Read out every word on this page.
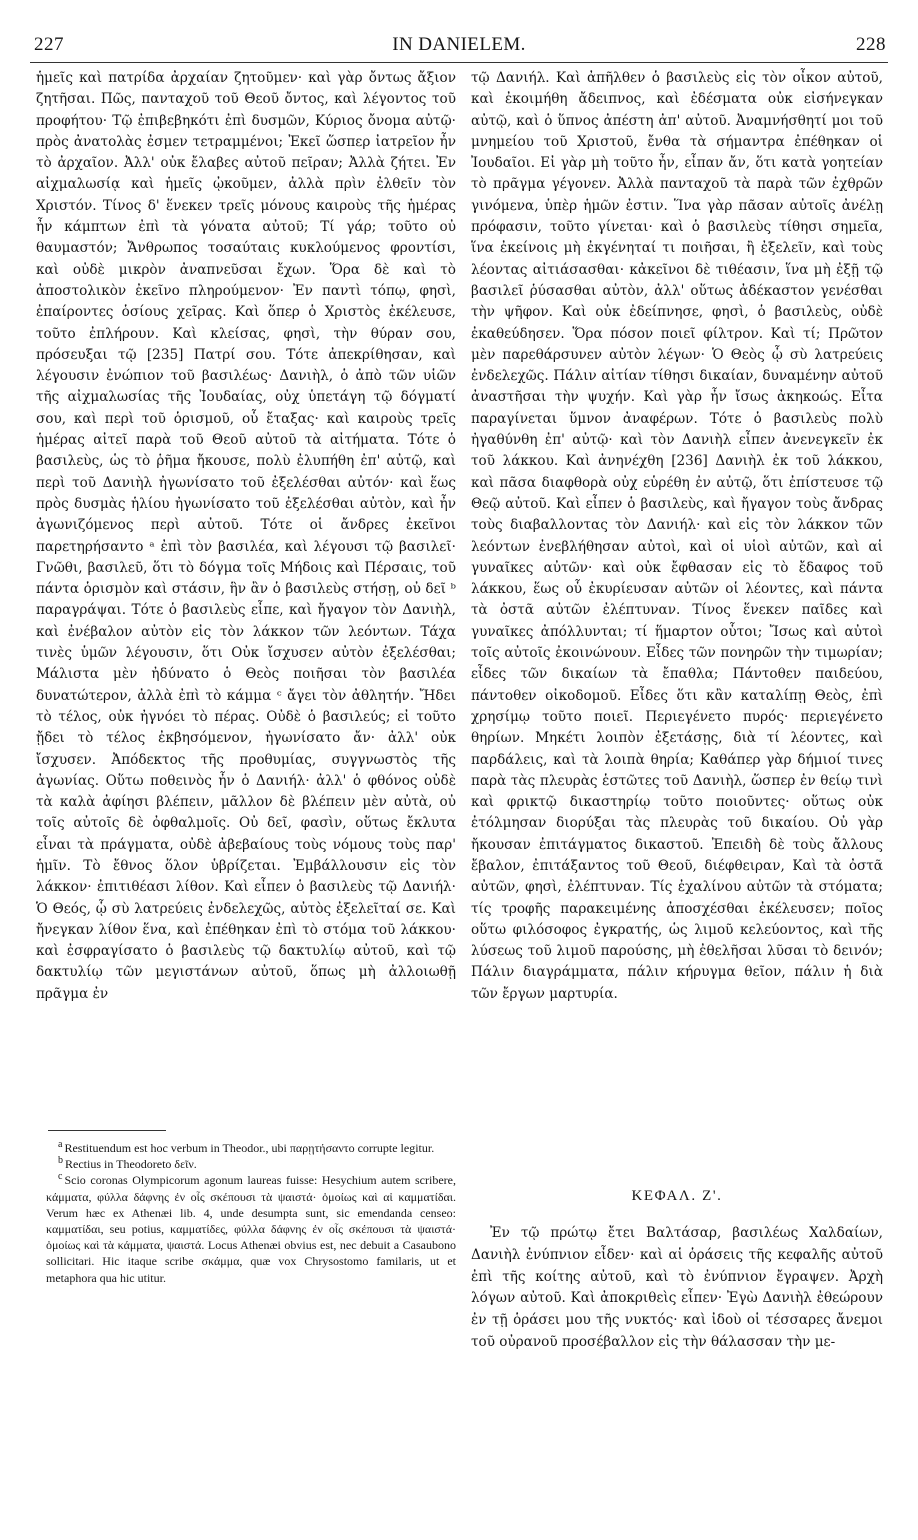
227	IN DANIELEM.	228

ἡμεῖς καὶ πατρίδα ἀρχαίαν ζητοῦμεν· καὶ γὰρ ὄντως ἄξιον ζητῆσαι. Πῶς, πανταχοῦ τοῦ Θεοῦ ὄντος, καὶ λέγοντος τοῦ προφήτου· Τῷ ἐπιβεβηκότι ἐπὶ δυσμῶν, Κύριος ὄνομα αὐτῷ· πρὸς ἀνατολὰς ἐσμεν τετραμμένοι; Ἐκεῖ ὥσπερ ἰατρεῖον ἦν τὸ ἀρχαῖον. Ἀλλ' οὐκ ἔλαβες αὐτοῦ πεῖραν; Ἀλλὰ ζήτει. Ἐν αἰχμαλωσίᾳ καὶ ἡμεῖς ᾠκοῦμεν, ἀλλὰ πρὶν ἐλθεῖν τὸν Χριστόν. Τίνος δ' ἕνεκεν τρεῖς μόνους καιροὺς τῆς ἡμέρας ἦν κάμπτων ἐπὶ τὰ γόνατα αὐτοῦ; Τί γάρ; τοῦτο οὐ θαυμαστόν; Ἄνθρωπος τοσαύταις κυκλούμενος φροντίσι, καὶ οὐδὲ μικρὸν ἀναπνεῦσαι ἔχων. Ὅρα δὲ καὶ τὸ ἀποστολικὸν ἐκεῖνο πληρούμενον· Ἐν παντὶ τόπῳ, φησὶ, ἐπαίροντες ὁσίους χεῖρας. Καὶ ὅπερ ὁ Χριστὸς ἐκέλευσε, τοῦτο ἐπλήρουν. Καὶ κλείσας, φησὶ, τὴν θύραν σου, πρόσευξαι τῷ [235] Πατρί σου. Τότε ἀπεκρίθησαν, καὶ λέγουσιν ἐνώπιον τοῦ βασιλέως· Δανιὴλ, ὁ ἀπὸ τῶν υἱῶν τῆς αἰχμαλωσίας τῆς Ἰουδαίας, οὐχ ὑπετάγη τῷ δόγματί σου, καὶ περὶ τοῦ ὁρισμοῦ, οὗ ἔταξας· καὶ καιροὺς τρεῖς ἡμέρας αἰτεῖ παρὰ τοῦ Θεοῦ αὐτοῦ τὰ αἰτήματα. Τότε ὁ βασιλεὺς, ὡς τὸ ῥῆμα ἤκουσε, πολὺ ἐλυπήθη ἐπ' αὐτῷ, καὶ περὶ τοῦ Δανιὴλ ἠγωνίσατο τοῦ ἐξελέσθαι αὐτόν· καὶ ἕως πρὸς δυσμὰς ἡλίου ἠγωνίσατο τοῦ ἐξελέσθαι αὐτὸν, καὶ ἦν ἀγωνιζόμενος περὶ αὐτοῦ. Τότε οἱ ἄνδρες ἐκεῖνοι παρετηρήσαντο ᵃ ἐπὶ τὸν βασιλέα, καὶ λέγουσι τῷ βασιλεῖ· Γνῶθι, βασιλεῦ, ὅτι τὸ δόγμα τοῖς Μήδοις καὶ Πέρσαις, τοῦ πάντα ὁρισμὸν καὶ στάσιν, ἣν ἂν ὁ βασιλεὺς στήσῃ, οὐ δεῖ ᵇ παραγράψαι. Τότε ὁ βασιλεὺς εἶπε, καὶ ἤγαγον τὸν Δανιὴλ, καὶ ἐνέβαλον αὐτὸν εἰς τὸν λάκκον τῶν λεόντων. Τάχα τινὲς ὑμῶν λέγουσιν, ὅτι Οὐκ ἴσχυσεν αὐτὸν ἐξελέσθαι; Μάλιστα μὲν ἠδύνατο ὁ Θεὸς ποιῆσαι τὸν βασιλέα δυνατώτερον, ἀλλὰ ἐπὶ τὸ κάμμα ᶜ ἄγει τὸν ἀθλητήν. Ἤδει τὸ τέλος, οὐκ ἠγνόει τὸ πέρας. Οὐδὲ ὁ βασιλεύς; εἰ τοῦτο ᾔδει τὸ τέλος ἐκβησόμενον, ἠγωνίσατο ἄν· ἀλλ' οὐκ ἴσχυσεν. Ἀπόδεκτος τῆς προθυμίας, συγγνωστὸς τῆς ἀγωνίας. Οὕτω ποθεινὸς ἦν ὁ Δανιήλ· ἀλλ' ὁ φθόνος οὐδὲ τὰ καλὰ ἀφίησι βλέπειν, μᾶλλον δὲ βλέπειν μὲν αὐτὰ, οὐ τοῖς αὐτοῖς δὲ ὀφθαλμοῖς. Οὐ δεῖ, φασὶν, οὕτως ἔκλυτα εἶναι τὰ πράγματα, οὐδὲ ἀβεβαίους τοὺς νόμους τοὺς παρ' ἡμῖν. Τὸ ἔθνος ὅλον ὑβρίζεται. Ἐμβάλλουσιν εἰς τὸν λάκκον· ἐπιτιθέασι λίθον. Καὶ εἶπεν ὁ βασιλεὺς τῷ Δανιήλ· Ὁ Θεός, ᾧ σὺ λατρεύεις ἐνδελεχῶς, αὐτὸς ἐξελεῖταί σε. Καὶ ἤνεγκαν λίθον ἕνα, καὶ ἐπέθηκαν ἐπὶ τὸ στόμα τοῦ λάκκου· καὶ ἐσφραγίσατο ὁ βασιλεὺς τῷ δακτυλίῳ αὐτοῦ, καὶ τῷ δακτυλίῳ τῶν μεγιστάνων αὐτοῦ, ὅπως μὴ ἀλλοιωθῇ πρᾶγμα ἐν

τῷ Δανιήλ. Καὶ ἀπῆλθεν ὁ βασιλεὺς εἰς τὸν οἶκον αὐτοῦ, καὶ ἐκοιμήθη ἄδειπνος, καὶ ἐδέσματα οὐκ εἰσήνεγκαν αὐτῷ, καὶ ὁ ὕπνος ἀπέστη ἀπ' αὐτοῦ. Ἀναμνήσθητί μοι τοῦ μνημείου τοῦ Χριστοῦ, ἔνθα τὰ σήμαντρα ἐπέθηκαν οἱ Ἰουδαῖοι. Εἰ γὰρ μὴ τοῦτο ἦν, εἶπαν ἄν, ὅτι κατὰ γοητείαν τὸ πρᾶγμα γέγονεν. Ἀλλὰ πανταχοῦ τὰ παρὰ τῶν ἐχθρῶν γινόμενα, ὑπὲρ ἡμῶν ἐστιν. Ἵνα γὰρ πᾶσαν αὐτοῖς ἀνέλῃ πρόφασιν, τοῦτο γίνεται· καὶ ὁ βασιλεὺς τίθησι σημεῖα, ἵνα ἐκείνοις μὴ ἐκγένηταί τι ποιῆσαι, ἢ ἐξελεῖν, καὶ τοὺς λέοντας αἰτιάσασθαι· κἀκεῖνοι δὲ τιθέασιν, ἵνα μὴ ἐξῇ τῷ βασιλεῖ ῥύσασθαι αὐτὸν, ἀλλ' οὕτως ἀδέκαστον γενέσθαι τὴν ψῆφον. Καὶ οὐκ ἐδείπνησε, φησὶ, ὁ βασιλεὺς, οὐδὲ ἐκαθεύδησεν. Ὅρα πόσον ποιεῖ φίλτρον. Καὶ τί; Πρῶτον μὲν παρεθάρσυνεν αὐτὸν λέγων· Ὁ Θεὸς ᾧ σὺ λατρεύεις ἐνδελεχῶς. Πάλιν αἰτίαν τίθησι δικαίαν, δυναμένην αὐτοῦ ἀναστῆσαι τὴν ψυχήν. Καὶ γὰρ ἦν ἴσως ἀκηκοώς. Εἶτα παραγίνεται ὕμνον ἀναφέρων. Τότε ὁ βασιλεὺς πολὺ ἠγαθύνθη ἐπ' αὐτῷ· καὶ τὸν Δανιὴλ εἶπεν ἀνενεγκεῖν ἐκ τοῦ λάκκου. Καὶ ἀνηνέχθη [236] Δανιὴλ ἐκ τοῦ λάκκου, καὶ πᾶσα διαφθορὰ οὐχ εὑρέθη ἐν αὐτῷ, ὅτι ἐπίστευσε τῷ Θεῷ αὐτοῦ. Καὶ εἶπεν ὁ βασιλεὺς, καὶ ἤγαγον τοὺς ἄνδρας τοὺς διαβαλλοντας τὸν Δανιήλ· καὶ εἰς τὸν λάκκον τῶν λεόντων ἐνεβλήθησαν αὐτοὶ, καὶ οἱ υἱοὶ αὐτῶν, καὶ αἱ γυναῖκες αὐτῶν· καὶ οὐκ ἔφθασαν εἰς τὸ ἔδαφος τοῦ λάκκου, ἕως οὗ ἐκυρίευσαν αὐτῶν οἱ λέοντες, καὶ πάντα τὰ ὀστᾶ αὐτῶν ἐλέπτυναν. Τίνος ἕνεκεν παῖδες καὶ γυναῖκες ἀπόλλυνται; τί ἥμαρτον οὗτοι; Ἴσως καὶ αὐτοὶ τοῖς αὐτοῖς ἐκοινώνουν. Εἶδες τῶν πονηρῶν τὴν τιμωρίαν; εἶδες τῶν δικαίων τὰ ἔπαθλα; Πάντοθεν παιδεύου, πάντοθεν οἰκοδομοῦ. Εἶδες ὅτι κἂν καταλίπῃ Θεὸς, ἐπὶ χρησίμῳ τοῦτο ποιεῖ. Περιεγένετο πυρός· περιεγένετο θηρίων. Μηκέτι λοιπὸν ἐξετάσῃς, διὰ τί λέοντες, καὶ παρδάλεις, καὶ τὰ λοιπὰ θηρία; Καθάπερ γὰρ δήμιοί τινες παρὰ τὰς πλευρὰς ἑστῶτες τοῦ Δανιὴλ, ὥσπερ ἐν θείῳ τινὶ καὶ φρικτῷ δικαστηρίῳ τοῦτο ποιοῦντες· οὕτως οὐκ ἐτόλμησαν διορύξαι τὰς πλευρὰς τοῦ δικαίου. Οὐ γὰρ ἤκουσαν ἐπιτάγματος δικαστοῦ. Ἐπειδὴ δὲ τοὺς ἄλλους ἔβαλον, ἐπιτάξαντος τοῦ Θεοῦ, διέφθειραν, Καὶ τὰ ὀστᾶ αὐτῶν, φησὶ, ἐλέπτυναν. Τίς ἐχαλίνου αὐτῶν τὰ στόματα; τίς τροφῆς παρακειμένης ἀποσχέσθαι ἐκέλευσεν; ποῖος οὕτω φιλόσοφος ἐγκρατής, ὡς λιμοῦ κελεύοντος, καὶ τῆς λύσεως τοῦ λιμοῦ παρούσης, μὴ ἐθελῆσαι λῦσαι τὸ δεινόν; Πάλιν διαγράμματα, πάλιν κήρυγμα θεῖον, πάλιν ἡ διὰ τῶν ἔργων μαρτυρία.

$^a$ Restituendum est hoc verbum in Theodor., ubi παρῃτήσαντο corrupte legitur.

$^b$ Rectius in Theodoreto δεῖν.

$^c$ Scio coronas Olympicorum agonum laureas fuisse: Hesychium autem scribere, κάμματα, φύλλα δάφνης ἐν οἷς σκέπουσι τὰ ψαιστά· ὁμοίως καὶ αἱ καμματίδαι. Verum hæc ex Athenæi lib. 4, unde desumpta sunt, sic emendanda censeo: καμματίδαι, seu potius, καμματίδες, φύλλα δάφνης ἐν οἷς σκέπουσι τὰ ψαιστά· ὁμοίως καὶ τὰ κάμματα, ψαιστά. Locus Athenæi obvius est, nec debuit a Casaubono sollicitari. Hic itaque scribe σκάμμα, quæ vox Chrysostomo familaris, ut et metaphora qua hic utitur.

ΚΕΦΑΛ. Ζ'.

Ἐν τῷ πρώτῳ ἔτει Βαλτάσαρ, βασιλέως Χαλδαίων, Δανιὴλ ἐνύπνιον εἶδεν· καὶ αἱ ὁράσεις τῆς κεφαλῆς αὐτοῦ ἐπὶ τῆς κοίτης αὐτοῦ, καὶ τὸ ἐνύπνιον ἔγραψεν. Ἀρχὴ λόγων αὐτοῦ. Καὶ ἀποκριθεὶς εἶπεν· Ἐγὼ Δανιὴλ ἐθεώρουν ἐν τῇ ὁράσει μου τῆς νυκτός· καὶ ἰδοὺ οἱ τέσσαρες ἄνεμοι τοῦ οὐρανοῦ προσέβαλλον εἰς τὴν θάλασσαν τὴν με-
